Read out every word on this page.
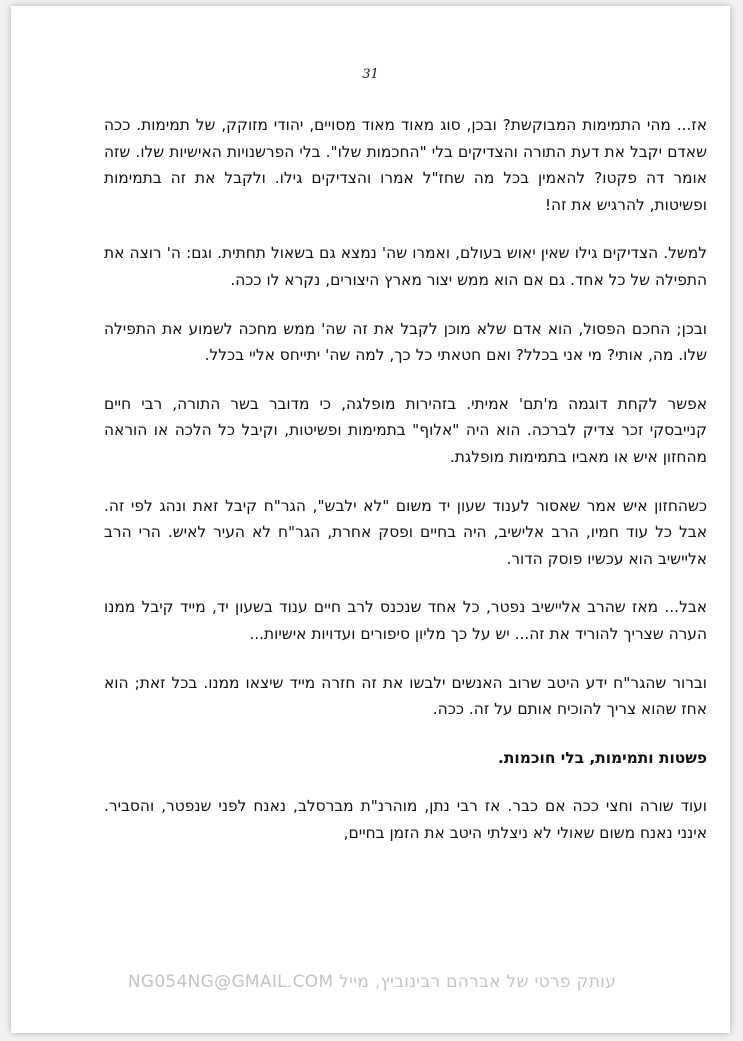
31

אז... מהי התמימות המבוקשת? ובכן, סוג מאוד מאוד מסויים, יהודי מזוקק, של תמימות. ככה שאדם יקבל את דעת התורה והצדיקים בלי "החכמות שלו". בלי הפרשנויות האישיות שלו. שזה אומר דה פקטו? להאמין בכל מה שחז"ל אמרו והצדיקים גילו. ולקבל את זה בתמימות ופשיטות, להרגיש את זה!

למשל. הצדיקים גילו שאין יאוש בעולם, ואמרו שה' נמצא גם בשאול תחתית. וגם: ה' רוצה את התפילה של כל אחד. גם אם הוא ממש יצור מארץ היצורים, נקרא לו ככה.

ובכן; החכם הפסול, הוא אדם שלא מוכן לקבל את זה שה' ממש מחכה לשמוע את התפילה שלו. מה, אותי? מי אני בכלל? ואם חטאתי כל כך, למה שה' יתייחס אליי בכלל.

אפשר לקחת דוגמה מ'תם' אמיתי. בזהירות מופלגה, כי מדובר בשר התורה, רבי חיים קנייבסקי זכר צדיק לברכה. הוא היה "אלוף" בתמימות ופשיטות, וקיבל כל הלכה או הוראה מהחזון איש או מאביו בתמימות מופלגת.

כשהחזון איש אמר שאסור לענוד שעון יד משום "לא ילבש", הגר"ח קיבל זאת ונהג לפי זה. אבל כל עוד חמיו, הרב אלישיב, היה בחיים ופסק אחרת, הגר"ח לא העיר לאיש. הרי הרב אליישיב הוא עכשיו פוסק הדור.

אבל... מאז שהרב אליישיב נפטר, כל אחד שנכנס לרב חיים ענוד בשעון יד, מייד קיבל ממנו הערה שצריך להוריד את זה... יש על כך מליון סיפורים ועדויות אישיות...

וברור שהגר"ח ידע היטב שרוב האנשים ילבשו את זה חזרה מייד שיצאו ממנו. בכל זאת; הוא אחז שהוא צריך להוכיח אותם על זה. ככה.

פשטות ותמימות, בלי חוכמות.

ועוד שורה וחצי ככה אם כבר. אז רבי נתן, מוהרנ"ת מברסלב, נאנח לפני שנפטר, והסביר. אינני נאנח משום שאולי לא ניצלתי היטב את הזמן בחיים,

עותק פרטי של אברהם רבינוביץ, מייל NG054NG@GMAIL.COM
